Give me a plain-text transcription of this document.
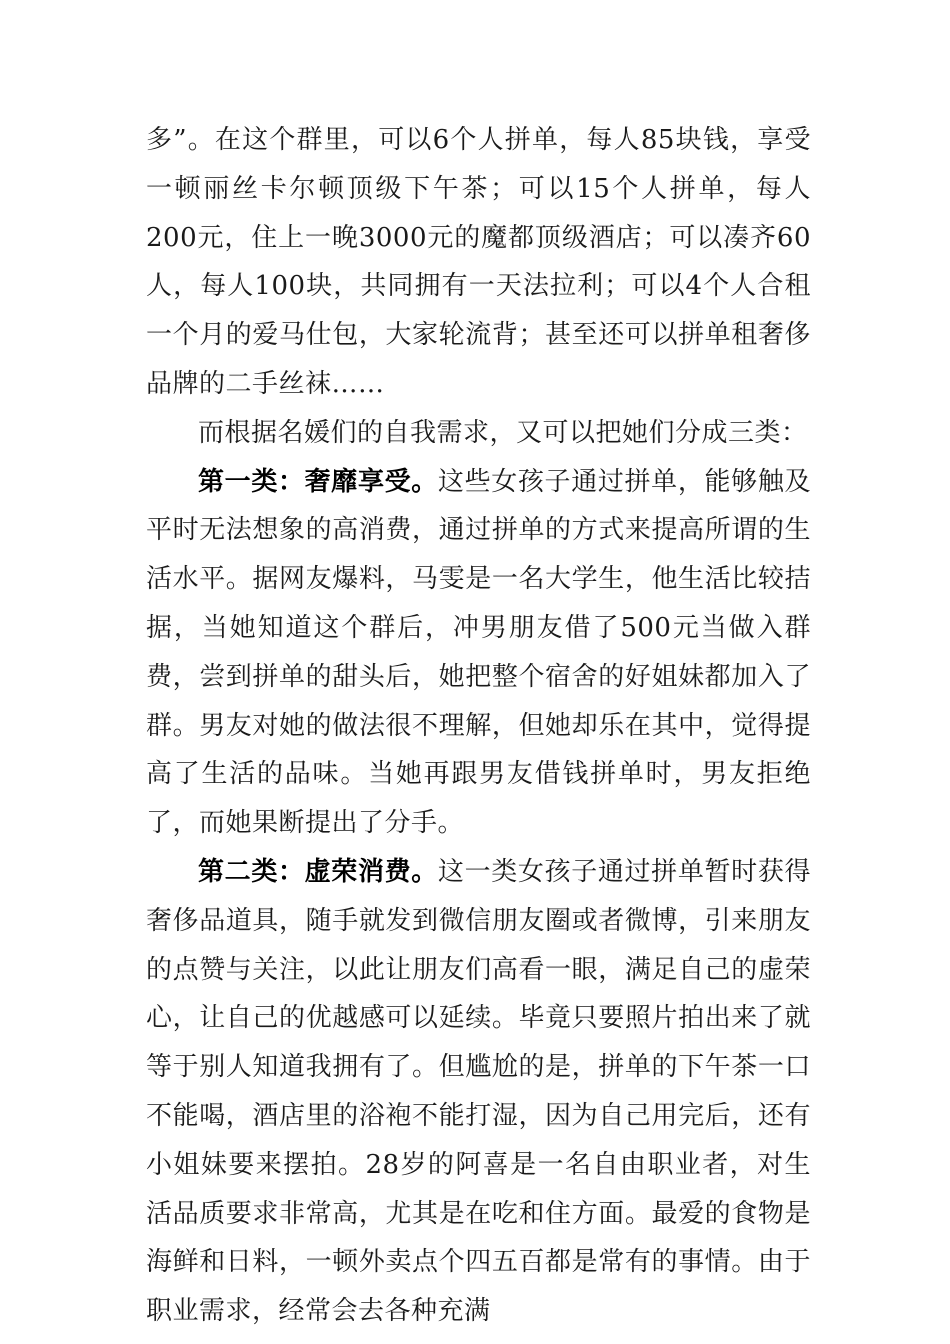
多”。在这个群里，可以6个人拼单，每人85块钱，享受一顿丽丝卡尔顿顶级下午茶；可以15个人拼单，每人200元，住上一晚3000元的魔都顶级酒店；可以凑齐60人，每人100块，共同拥有一天法拉利；可以4个人合租一个月的爱马仕包，大家轮流背；甚至还可以拼单租奢侈品牌的二手丝袜……

而根据名媛们的自我需求，又可以把她们分成三类：

第一类：奢靡享受。这些女孩子通过拼单，能够触及平时无法想象的高消费，通过拼单的方式来提高所谓的生活水平。据网友爆料，马雯是一名大学生，他生活比较拮据，当她知道这个群后，冲男朋友借了500元当做入群费，尝到拼单的甜头后，她把整个宿舍的好姐妹都加入了群。男友对她的做法很不理解，但她却乐在其中，觉得提高了生活的品味。当她再跟男友借钱拼单时，男友拒绝了，而她果断提出了分手。

第二类：虚荣消费。这一类女孩子通过拼单暂时获得奢侈品道具，随手就发到微信朋友圈或者微博，引来朋友的点赞与关注，以此让朋友们高看一眼，满足自己的虚荣心，让自己的优越感可以延续。毕竟只要照片拍出来了就等于别人知道我拥有了。但尴尬的是，拼单的下午茶一口不能喝，酒店里的浴袍不能打湿，因为自己用完后，还有小姐妹要来摆拍。28岁的阿喜是一名自由职业者，对生活品质要求非常高，尤其是在吃和住方面。最爱的食物是海鲜和日料，一顿外卖点个四五百都是常有的事情。由于职业需求，经常会去各种充满
